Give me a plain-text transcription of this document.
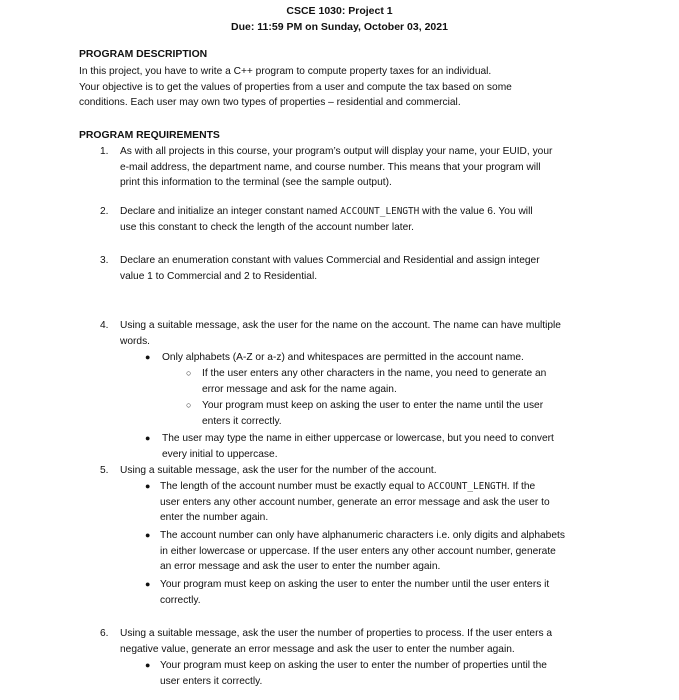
CSCE 1030: Project 1
Due: 11:59 PM on Sunday, October 03, 2021
PROGRAM DESCRIPTION
In this project, you have to write a C++ program to compute property taxes for an individual.
Your objective is to get the values of properties from a user and compute the tax based on some
conditions. Each user may own two types of properties – residential and commercial.
PROGRAM REQUIREMENTS
1.	As with all projects in this course, your program’s output will display your name, your EUID, your
e-mail address, the department name, and course number. This means that your program will
print this information to the terminal (see the sample output).
2.	Declare and initialize an integer constant named ACCOUNT_LENGTH with the value 6. You will
use this constant to check the length of the account number later.
3.	Declare an enumeration constant with values Commercial and Residential and assign integer
value 1 to Commercial and 2 to Residential.
4.	Using a suitable message, ask the user for the name on the account. The name can have multiple
words.
● Only alphabets (A-Z or a-z) and whitespaces are permitted in the account name.
○ If the user enters any other characters in the name, you need to generate an
error message and ask for the name again.
○ Your program must keep on asking the user to enter the name until the user
enters it correctly.
● The user may type the name in either uppercase or lowercase, but you need to convert
every initial to uppercase.
5.	Using a suitable message, ask the user for the number of the account.
● The length of the account number must be exactly equal to ACCOUNT_LENGTH. If the
user enters any other account number, generate an error message and ask the user to
enter the number again.
● The account number can only have alphanumeric characters i.e. only digits and alphabets
in either lowercase or uppercase. If the user enters any other account number, generate
an error message and ask the user to enter the number again.
● Your program must keep on asking the user to enter the number until the user enters it
correctly.
6.	Using a suitable message, ask the user the number of properties to process. If the user enters a
negative value, generate an error message and ask the user to enter the number again.
● Your program must keep on asking the user to enter the number of properties until the
user enters it correctly.
